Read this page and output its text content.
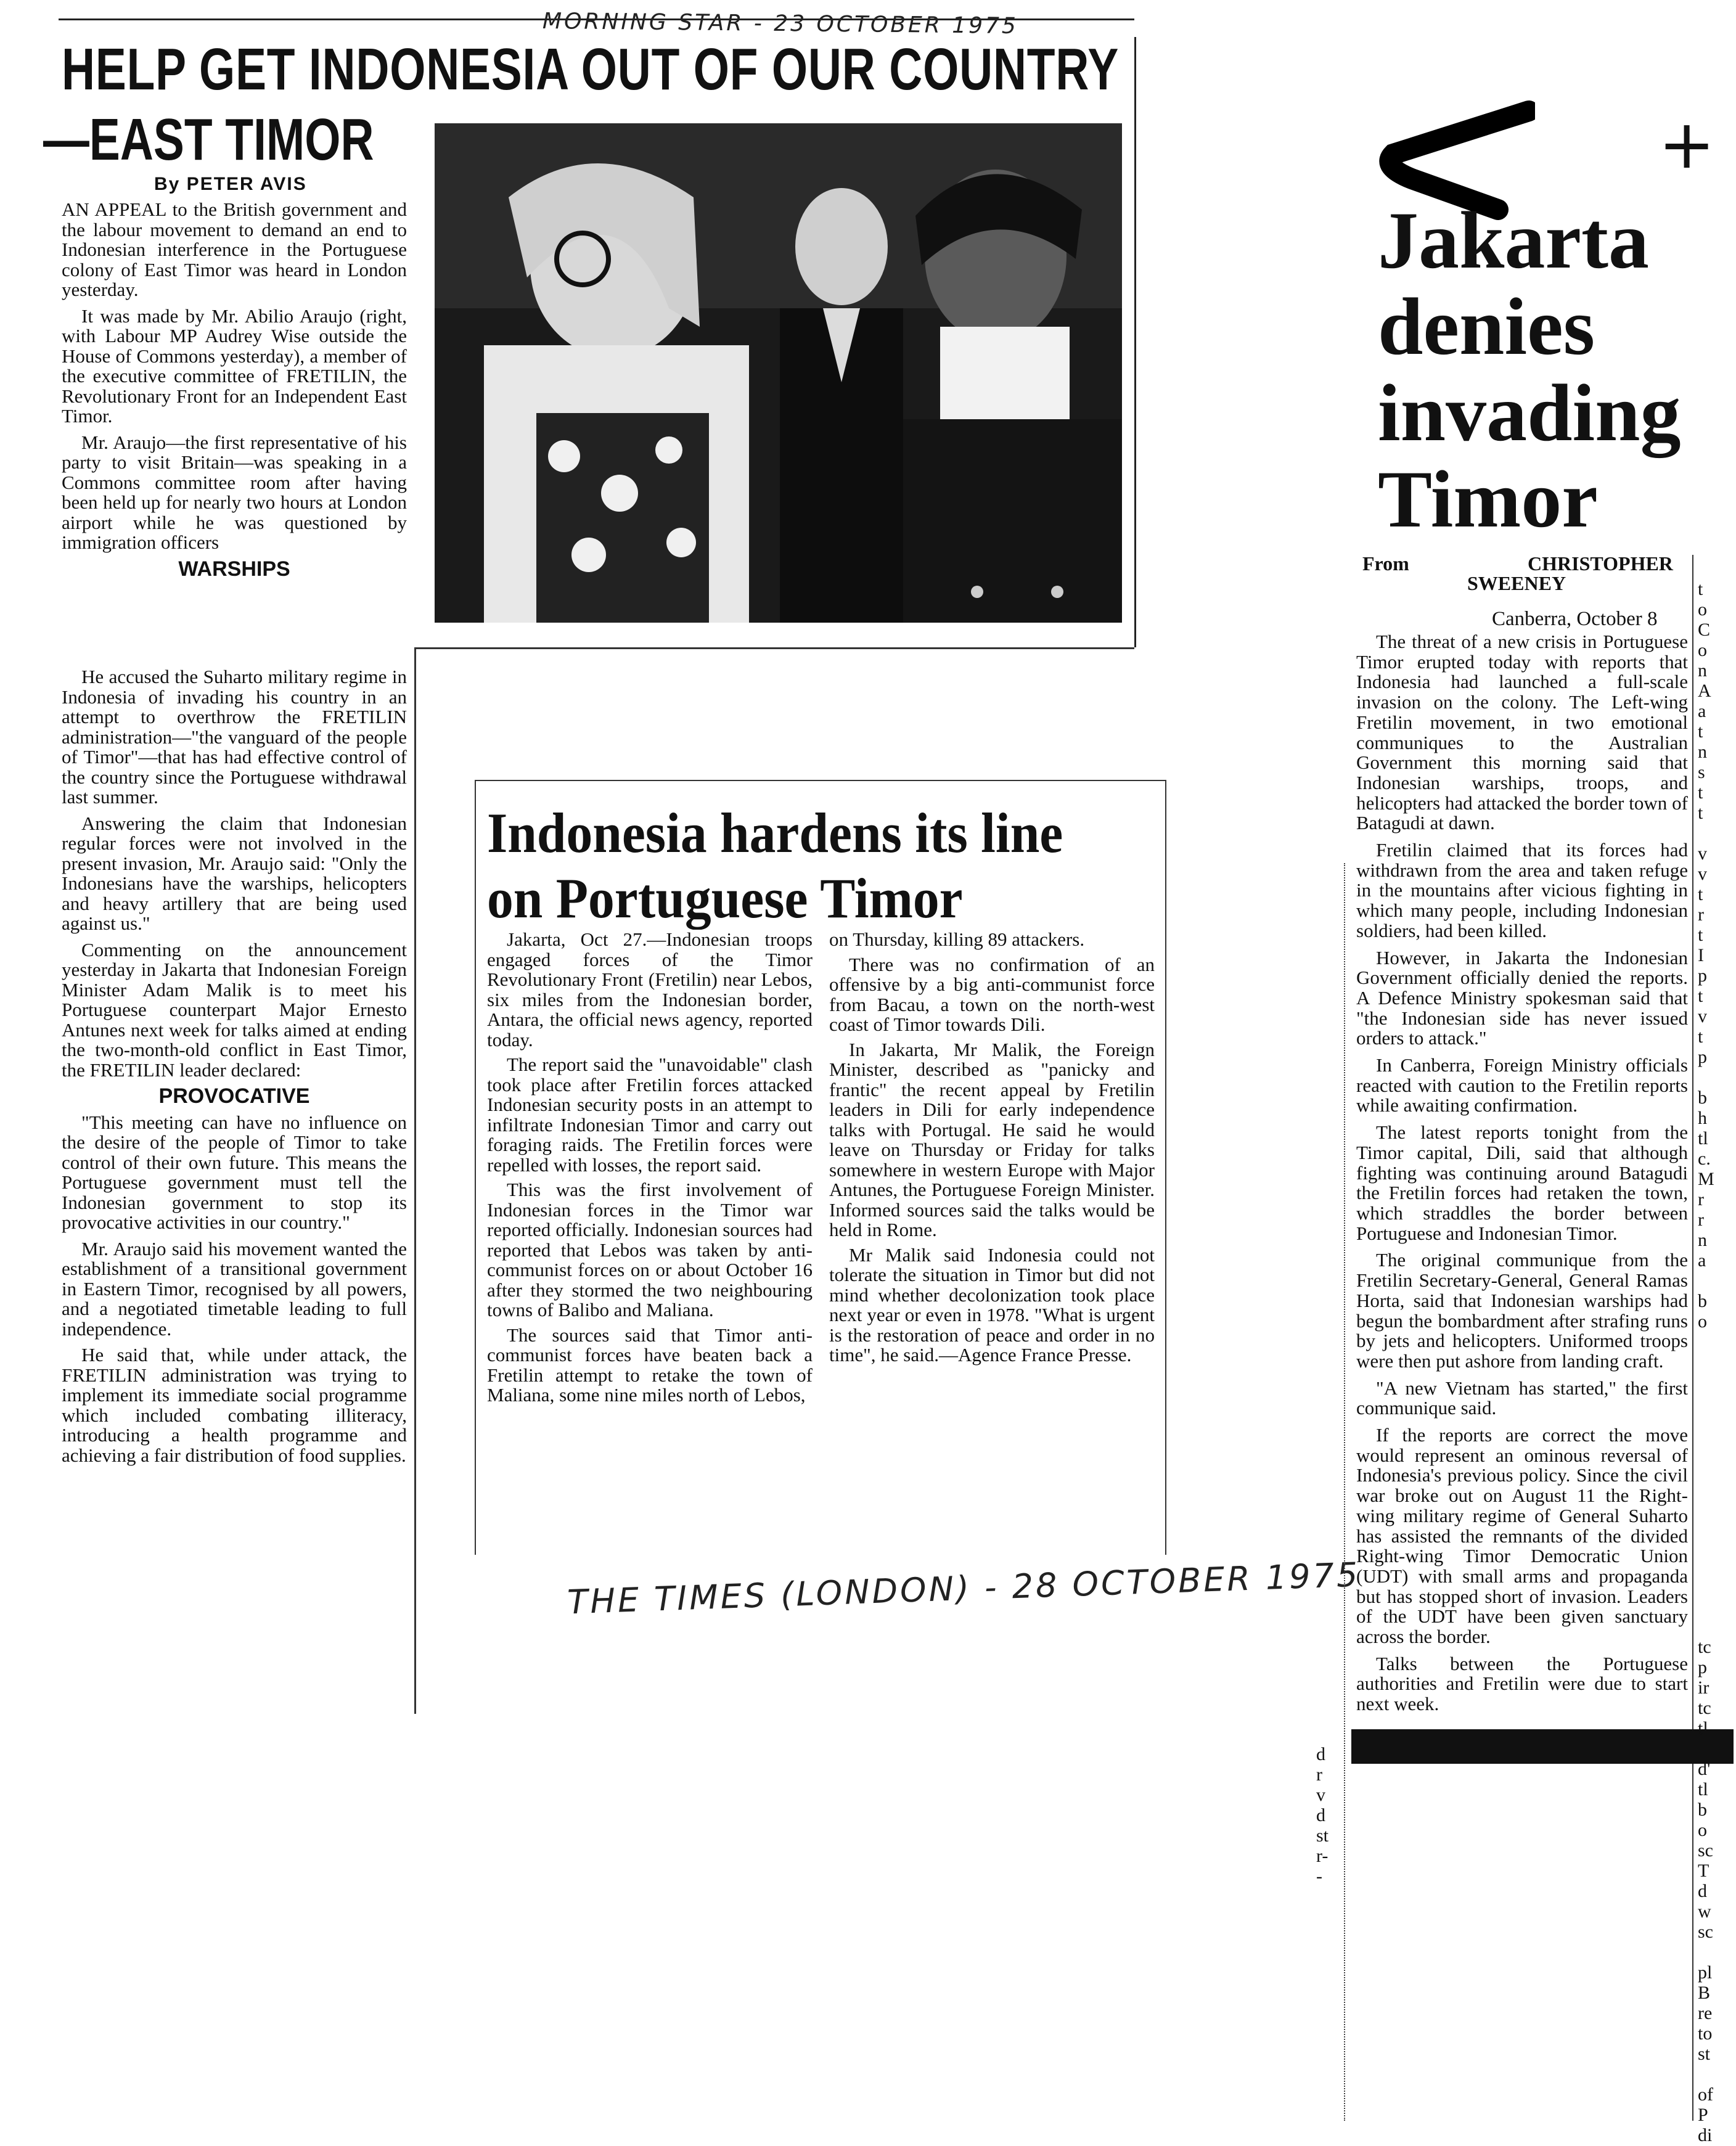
MORNING STAR - 23 OCTOBER 1975
THE TIMES (LONDON) - 28 OCTOBER 1975
HELP GET INDONESIA OUT OF OUR COUNTRY
—EAST TIMOR
By PETER AVIS

AN APPEAL to the British government and the labour movement to demand an end to Indonesian interference in the Portuguese colony of East Timor was heard in London yesterday.

It was made by Mr. Abilio Araujo (right, with Labour MP Audrey Wise outside the House of Commons yesterday), a member of the executive committee of FRETILIN, the Revolutionary Front for an Independent East Timor.

Mr. Araujo—the first representative of his party to visit Britain—was speaking in a Commons committee room after having been held up for nearly two hours at London airport while he was questioned by immigration officers

WARSHIPS

He accused the Suharto military regime in Indonesia of invading his country in an attempt to overthrow the FRETILIN administration—"the vanguard of the people of Timor"—that has had effective control of the country since the Portuguese withdrawal last summer.

Answering the claim that Indonesian regular forces were not involved in the present invasion, Mr. Araujo said: "Only the Indonesians have the warships, helicopters and heavy artillery that are being used against us."

Commenting on the announcement yesterday in Jakarta that Indonesian Foreign Minister Adam Malik is to meet his Portuguese counterpart Major Ernesto Antunes next week for talks aimed at ending the two-month-old conflict in East Timor, the FRETILIN leader declared:

PROVOCATIVE

"This meeting can have no influence on the desire of the people of Timor to take control of their own future. This means the Portuguese government must tell the Indonesian government to stop its provocative activities in our country."

Mr. Araujo said his movement wanted the establishment of a transitional government in Eastern Timor, recognised by all powers, and a negotiated timetable leading to full independence.

He said that, while under attack, the FRETILIN administration was trying to implement its immediate social programme which included combating illiteracy, introducing a health programme and achieving a fair distribution of food supplies.

Indonesia hardens its line on Portuguese Timor

Jakarta, Oct 27.—Indonesian troops engaged forces of the Timor Revolutionary Front (Fretilin) near Lebos, six miles from the Indonesian border, Antara, the official news agency, reported today.

The report said the "unavoidable" clash took place after Fretilin forces attacked Indonesian security posts in an attempt to infiltrate Indonesian Timor and carry out foraging raids. The Fretilin forces were repelled with losses, the report said.

This was the first involvement of Indonesian forces in the Timor war reported officially. Indonesian sources had reported that Lebos was taken by anti-communist forces on or about October 16 after they stormed the two neighbouring towns of Balibo and Maliana.

The sources said that Timor anti-communist forces have beaten back a Fretilin attempt to retake the town of Maliana, some nine miles north of Lebos,

on Thursday, killing 89 attackers.

There was no confirmation of an offensive by a big anti-communist force from Bacau, a town on the north-west coast of Timor towards Dili.

In Jakarta, Mr Malik, the Foreign Minister, described as "panicky and frantic" the recent appeal by Fretilin leaders in Dili for early independence talks with Portugal. He said he would leave on Thursday or Friday for talks somewhere in western Europe with Major Antunes, the Portuguese Foreign Minister. Informed sources said the talks would be held in Rome.

Mr Malik said Indonesia could not tolerate the situation in Timor but did not mind whether decolonization took place next year or even in 1978. "What is urgent is the restoration of peace and order in no time", he said.—Agence France Presse.

+
Jakarta denies invading Timor
From	CHRISTOPHER
SWEENEY
Canberra, October 8

The threat of a new crisis in Portuguese Timor erupted today with reports that Indonesia had launched a full-scale invasion on the colony. The Left-wing Fretilin movement, in two emotional communiques to the Australian Government this morning said that Indonesian warships, troops, and helicopters had attacked the border town of Batagudi at dawn.

Fretilin claimed that its forces had withdrawn from the area and taken refuge in the mountains after vicious fighting in which many people, including Indonesian soldiers, had been killed.

However, in Jakarta the Indonesian Government officially denied the reports. A Defence Ministry spokesman said that "the Indonesian side has never issued orders to attack."

In Canberra, Foreign Ministry officials reacted with caution to the Fretilin reports while awaiting confirmation.

The latest reports tonight from the Timor capital, Dili, said that although fighting was continuing around Batagudi the Fretilin forces had retaken the town, which straddles the border between Portuguese and Indonesian Timor.

The original communique from the Fretilin Secretary-General, General Ramas Horta, said that Indonesian warships had begun the bombardment after strafing runs by jets and helicopters. Uniformed troops were then put ashore from landing craft.

"A new Vietnam has started," the first communique said.

If the reports are correct the move would represent an ominous reversal of Indonesia's previous policy. Since the civil war broke out on August 11 the Right-wing military regime of General Suharto has assisted the remnants of the divided Right-wing Timor Democratic Union (UDT) with small arms and propaganda but has stopped short of invasion. Leaders of the UDT have been given sanctuary across the border.

Talks between the Portuguese authorities and Fretilin were due to start next week.

t
o
C
o
n
A
a
t
n
s
t
t
v
v
t
r
t
I
p
t
v
t
p
b
h
tl
c.
M
r
r
n
a
b
o
tc
p
ir
tc
tl
d'
tl
b
o
sc
T
d
w
sc
pl
B
re
to
st
of
P
di
d
r
v
d
st
r-
-
